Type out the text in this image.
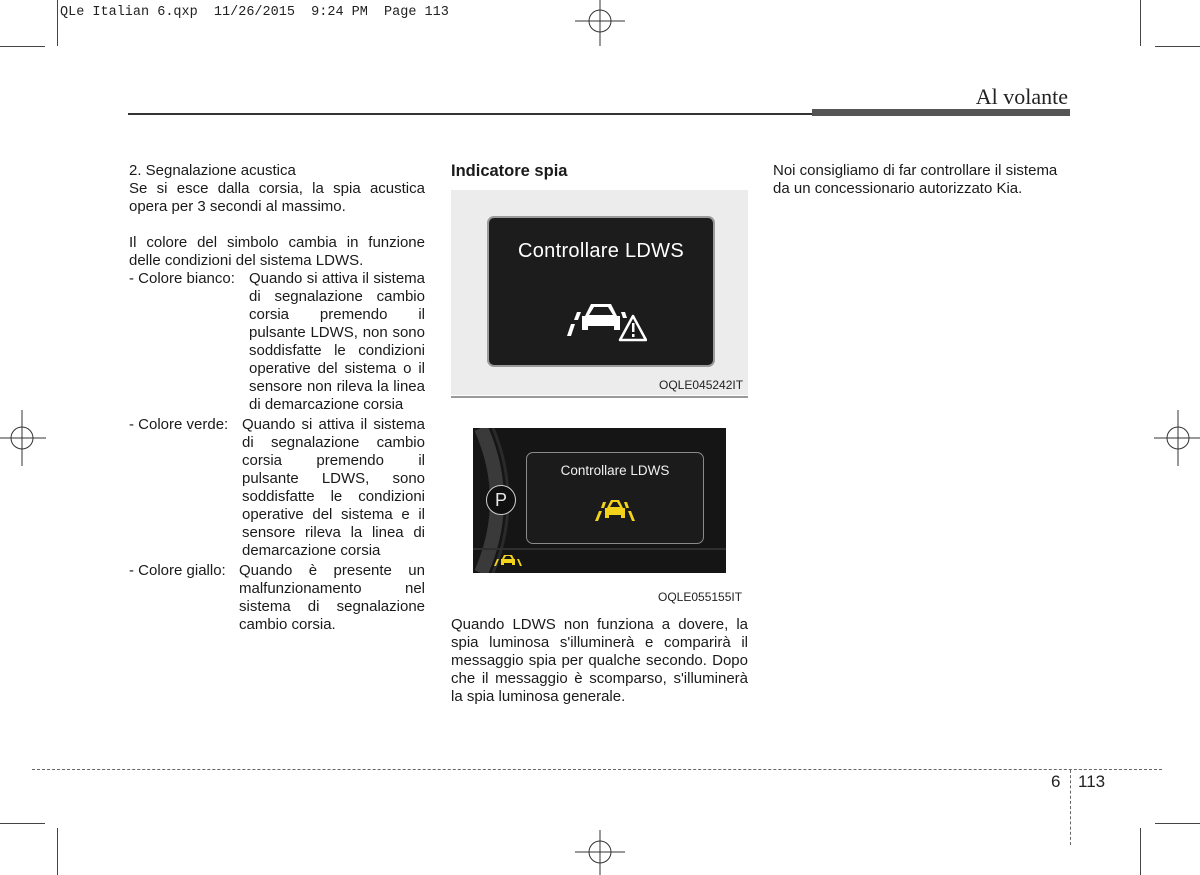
QLe Italian 6.qxp  11/26/2015  9:24 PM  Page 113
Al volante

2. Segnalazione acustica

Se si esce dalla corsia, la spia acustica opera per 3 secondi al massimo.

Il colore del simbolo cambia in funzione delle condizioni del sistema LDWS.

- Colore bianco: Quando si attiva il sistema di segnalazione cambio corsia premendo il pulsante LDWS, non sono soddisfatte le condizioni operative del sistema o il sensore non rileva la linea di demarcazione corsia
- Colore verde: Quando si attiva il sistema di segnalazione cambio corsia premendo il pulsante LDWS, sono soddisfatte le condizioni operative del sistema e il sensore rileva la linea di demarcazione corsia
- Colore giallo: Quando è presente un malfunzionamento nel sistema di segnalazione cambio corsia.
Indicatore spia
Quando LDWS non funziona a dovere, la spia luminosa s'illuminerà e comparirà il messaggio spia per qualche secondo. Dopo che il messaggio è scomparso, s'illuminerà la spia luminosa generale.
Controllare LDWS
OQLE045242IT
Controllare LDWS
P
OQLE055155IT

Noi consigliamo di far controllare il sistema da un concessionario autorizzato Kia.

6 113
